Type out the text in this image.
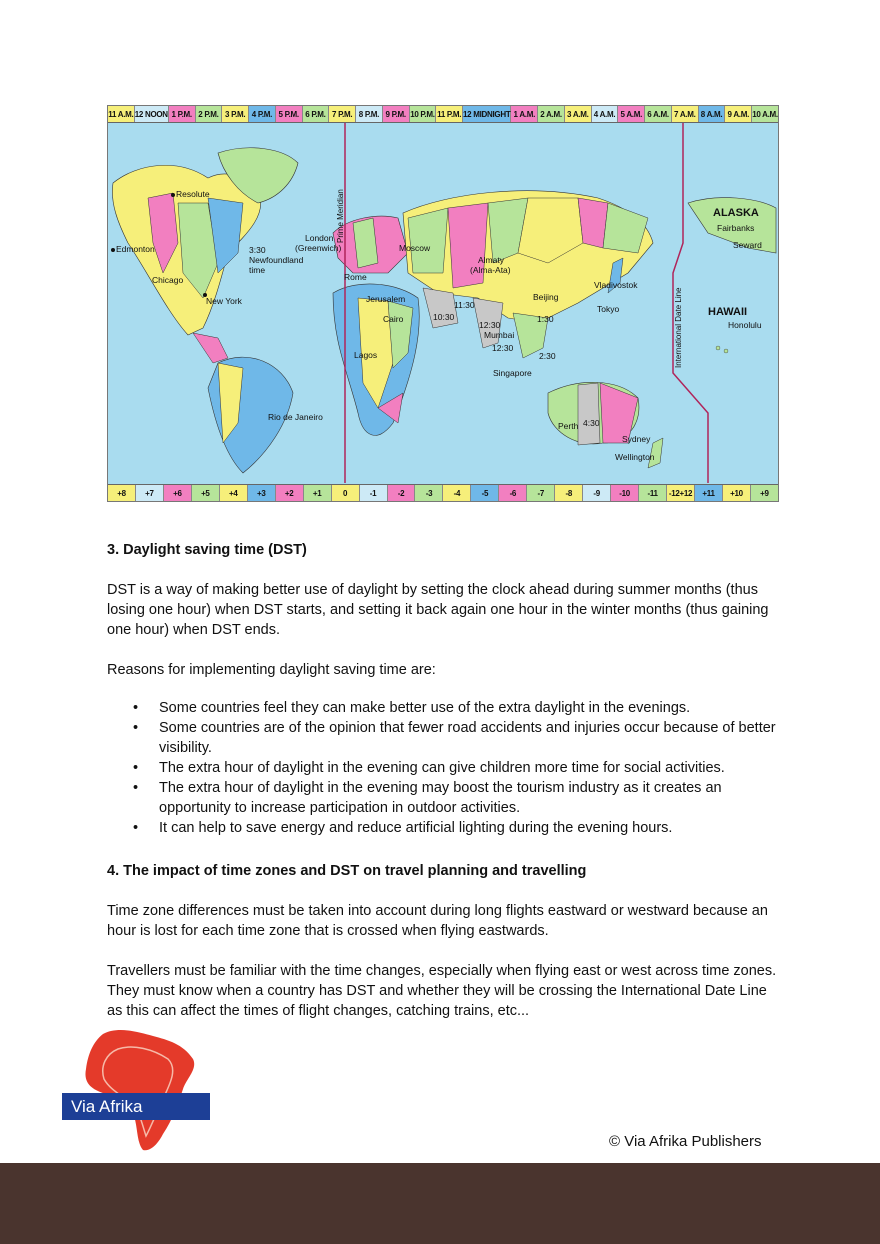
11 A.M. 12 NOON 1 P.M. 2 P.M. 3 P.M. 4 P.M. 5 P.M. 6 P.M. 7 P.M. 8 P.M. 9 P.M. 10 P.M. 11 P.M. 12 MIDNIGHT 1 A.M. 2 A.M. 3 A.M. 4 A.M. 5 A.M. 6 A.M. 7 A.M. 8 A.M. 9 A.M. 10 A.M.
Resolute
Edmonton
Chicago
3:30
Newfoundland
time
London
(Greenwich)
New York
Rome
Moscow
Almaty
(Alma-Ata)
Jerusalem
Cairo	10:30
11:30
12:30
Mumbai
12:30
Beijing
Vladivostok
Tokyo
1:30
2:30
Singapore
Lagos
Rio de Janeiro
Perth 4:30
Sydney
Wellington
ALASKA
Fairbanks
Seward
HAWAII
Honolulu
Prime Meridian
International Date Line
+8	+7	+6	+5	+4	+3	+2	+1	0	-1	-2	-3	-4	-5	-6	-7	-8	-9	-10	-11	-12+12	+11	+10	+9
3. Daylight saving time (DST)
DST is a way of making better use of daylight by setting the clock ahead during summer months (thus losing one hour) when DST starts, and setting it back again one hour in the winter months (thus gaining one hour) when DST ends.
Reasons for implementing daylight saving time are:
• Some countries feel they can make better use of the extra daylight in the evenings.
• Some countries are of the opinion that fewer road accidents and injuries occur because of better visibility.
• The extra hour of daylight in the evening can give children more time for social activities.
• The extra hour of daylight in the evening may boost the tourism industry as it creates an opportunity to increase participation in outdoor activities.
• It can help to save energy and reduce artificial lighting during the evening hours.
4. The impact of time zones and DST on travel planning and travelling
Time zone differences must be taken into account during long flights eastward or westward because an hour is lost for each time zone that is crossed when flying eastwards.
Travellers must be familiar with the time changes, especially when flying east or west across time zones. They must know when a country has DST and whether they will be crossing the International Date Line as this can affect the times of flight changes, catching trains, etc...
Via Afrika
© Via Afrika Publishers
